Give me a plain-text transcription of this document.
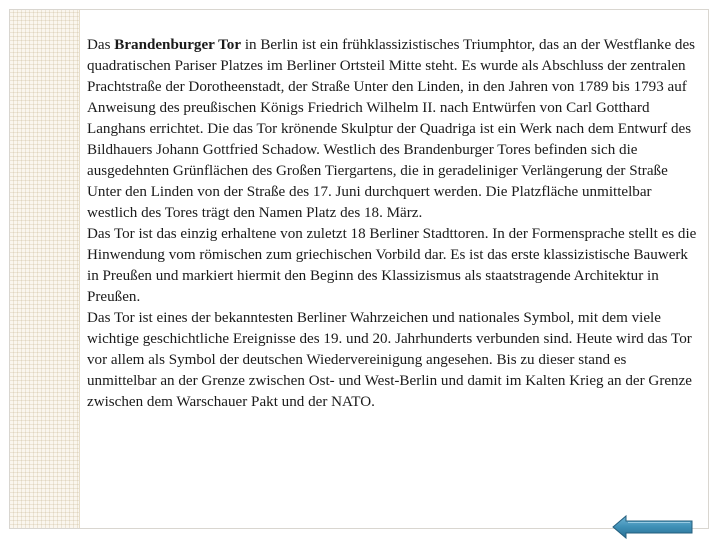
Das Brandenburger Tor in Berlin ist ein frühklassizistisches Triumphtor, das an der Westflanke des quadratischen Pariser Platzes im Berliner Ortsteil Mitte steht. Es wurde als Abschluss der zentralen Prachtstraße der Dorotheenstadt, der Straße Unter den Linden, in den Jahren von 1789 bis 1793 auf Anweisung des preußischen Königs Friedrich Wilhelm II. nach Entwürfen von Carl Gotthard Langhans errichtet. Die das Tor krönende Skulptur der Quadriga ist ein Werk nach dem Entwurf des Bildhauers Johann Gottfried Schadow. Westlich des Brandenburger Tores befinden sich die ausgedehnten Grünflächen des Großen Tiergartens, die in geradeliniger Verlängerung der Straße Unter den Linden von der Straße des 17. Juni durchquert werden. Die Platzfläche unmittelbar westlich des Tores trägt den Namen Platz des 18. März.

Das Tor ist das einzig erhaltene von zuletzt 18 Berliner Stadttoren. In der Formensprache stellt es die Hinwendung vom römischen zum griechischen Vorbild dar. Es ist das erste klassizistische Bauwerk in Preußen und markiert hiermit den Beginn des Klassizismus als staatstragende Architektur in Preußen.

Das Tor ist eines der bekanntesten Berliner Wahrzeichen und nationales Symbol, mit dem viele wichtige geschichtliche Ereignisse des 19. und 20. Jahrhunderts verbunden sind. Heute wird das Tor vor allem als Symbol der deutschen Wiedervereinigung angesehen. Bis zu dieser stand es unmittelbar an der Grenze zwischen Ost- und West-Berlin und damit im Kalten Krieg an der Grenze zwischen dem Warschauer Pakt und der NATO.
